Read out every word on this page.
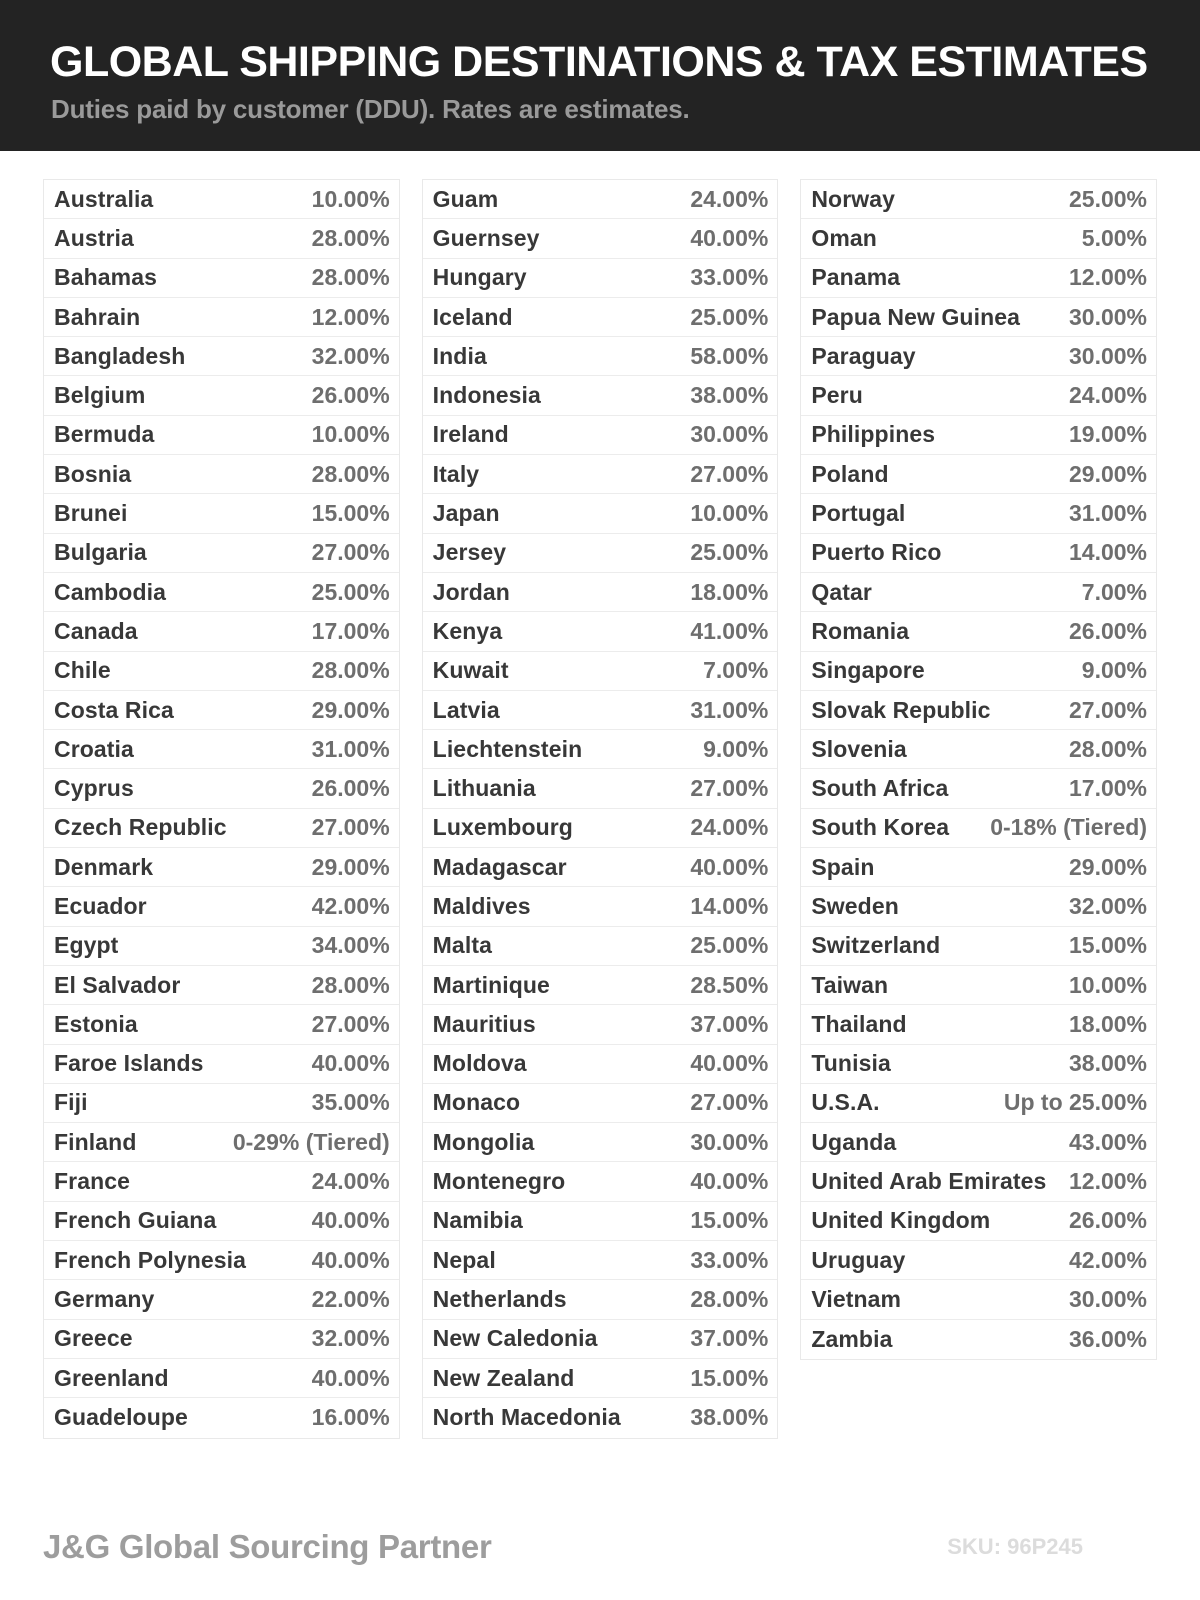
GLOBAL SHIPPING DESTINATIONS & TAX ESTIMATES

Duties paid by customer (DDU). Rates are estimates.

Australia	10.00%
Austria	28.00%
Bahamas	28.00%
Bahrain	12.00%
Bangladesh	32.00%
Belgium	26.00%
Bermuda	10.00%
Bosnia	28.00%
Brunei	15.00%
Bulgaria	27.00%
Cambodia	25.00%
Canada	17.00%
Chile	28.00%
Costa Rica	29.00%
Croatia	31.00%
Cyprus	26.00%
Czech Republic	27.00%
Denmark	29.00%
Ecuador	42.00%
Egypt	34.00%
El Salvador	28.00%
Estonia	27.00%
Faroe Islands	40.00%
Fiji	35.00%
Finland	0-29% (Tiered)
France	24.00%
French Guiana	40.00%
French Polynesia	40.00%
Germany	22.00%
Greece	32.00%
Greenland	40.00%
Guadeloupe	16.00%
Guam	24.00%
Guernsey	40.00%
Hungary	33.00%
Iceland	25.00%
India	58.00%
Indonesia	38.00%
Ireland	30.00%
Italy	27.00%
Japan	10.00%
Jersey	25.00%
Jordan	18.00%
Kenya	41.00%
Kuwait	7.00%
Latvia	31.00%
Liechtenstein	9.00%
Lithuania	27.00%
Luxembourg	24.00%
Madagascar	40.00%
Maldives	14.00%
Malta	25.00%
Martinique	28.50%
Mauritius	37.00%
Moldova	40.00%
Monaco	27.00%
Mongolia	30.00%
Montenegro	40.00%
Namibia	15.00%
Nepal	33.00%
Netherlands	28.00%
New Caledonia	37.00%
New Zealand	15.00%
North Macedonia	38.00%
Norway	25.00%
Oman	5.00%
Panama	12.00%
Papua New Guinea 30.00%
Paraguay	30.00%
Peru	24.00%
Philippines	19.00%
Poland	29.00%
Portugal	31.00%
Puerto Rico	14.00%
Qatar	7.00%
Romania	26.00%
Singapore	9.00%
Slovak Republic	27.00%
Slovenia	28.00%
South Africa	17.00%
South Korea 0-18% (Tiered)
Spain	29.00%
Sweden	32.00%
Switzerland	15.00%
Taiwan	10.00%
Thailand	18.00%
Tunisia	38.00%
U.S.A.	Up to 25.00%
Uganda	43.00%
United Arab Emirates 12.00%
United Kingdom	26.00%
Uruguay	42.00%
Vietnam	30.00%
Zambia	36.00%
J&G Global Sourcing Partner	SKU: 96P245
